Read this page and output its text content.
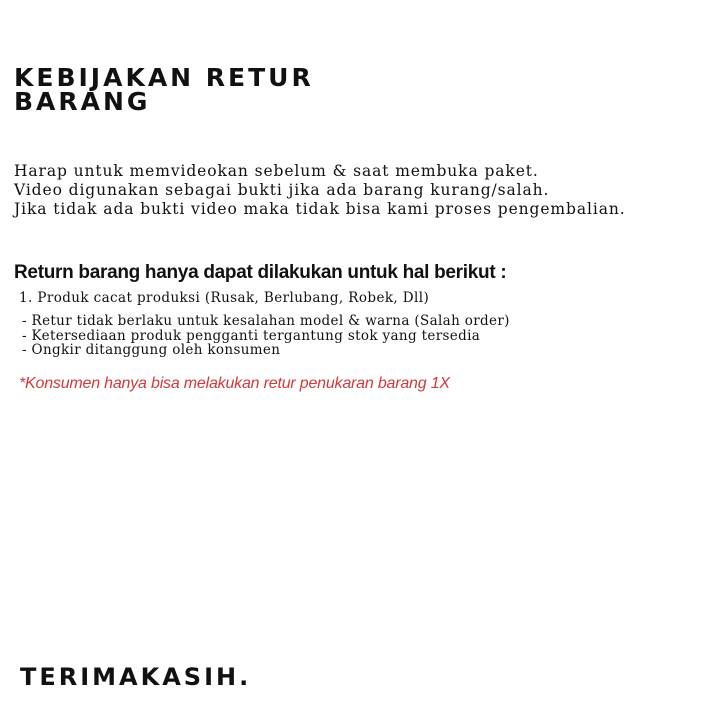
KEBIJAKAN RETUR
BARANG
Harap untuk memvideokan sebelum & saat membuka paket.
Video digunakan sebagai bukti jika ada barang kurang/salah.
Jika tidak ada bukti video maka tidak bisa kami proses pengembalian.
Return barang hanya dapat dilakukan untuk hal berikut :
1. Produk cacat produksi (Rusak, Berlubang, Robek, Dll)
- Retur tidak berlaku untuk kesalahan model & warna (Salah order)
- Ketersediaan produk pengganti tergantung stok yang tersedia
- Ongkir ditanggung oleh konsumen
*Konsumen hanya bisa melakukan retur penukaran barang 1X
TERIMAKASIH.
